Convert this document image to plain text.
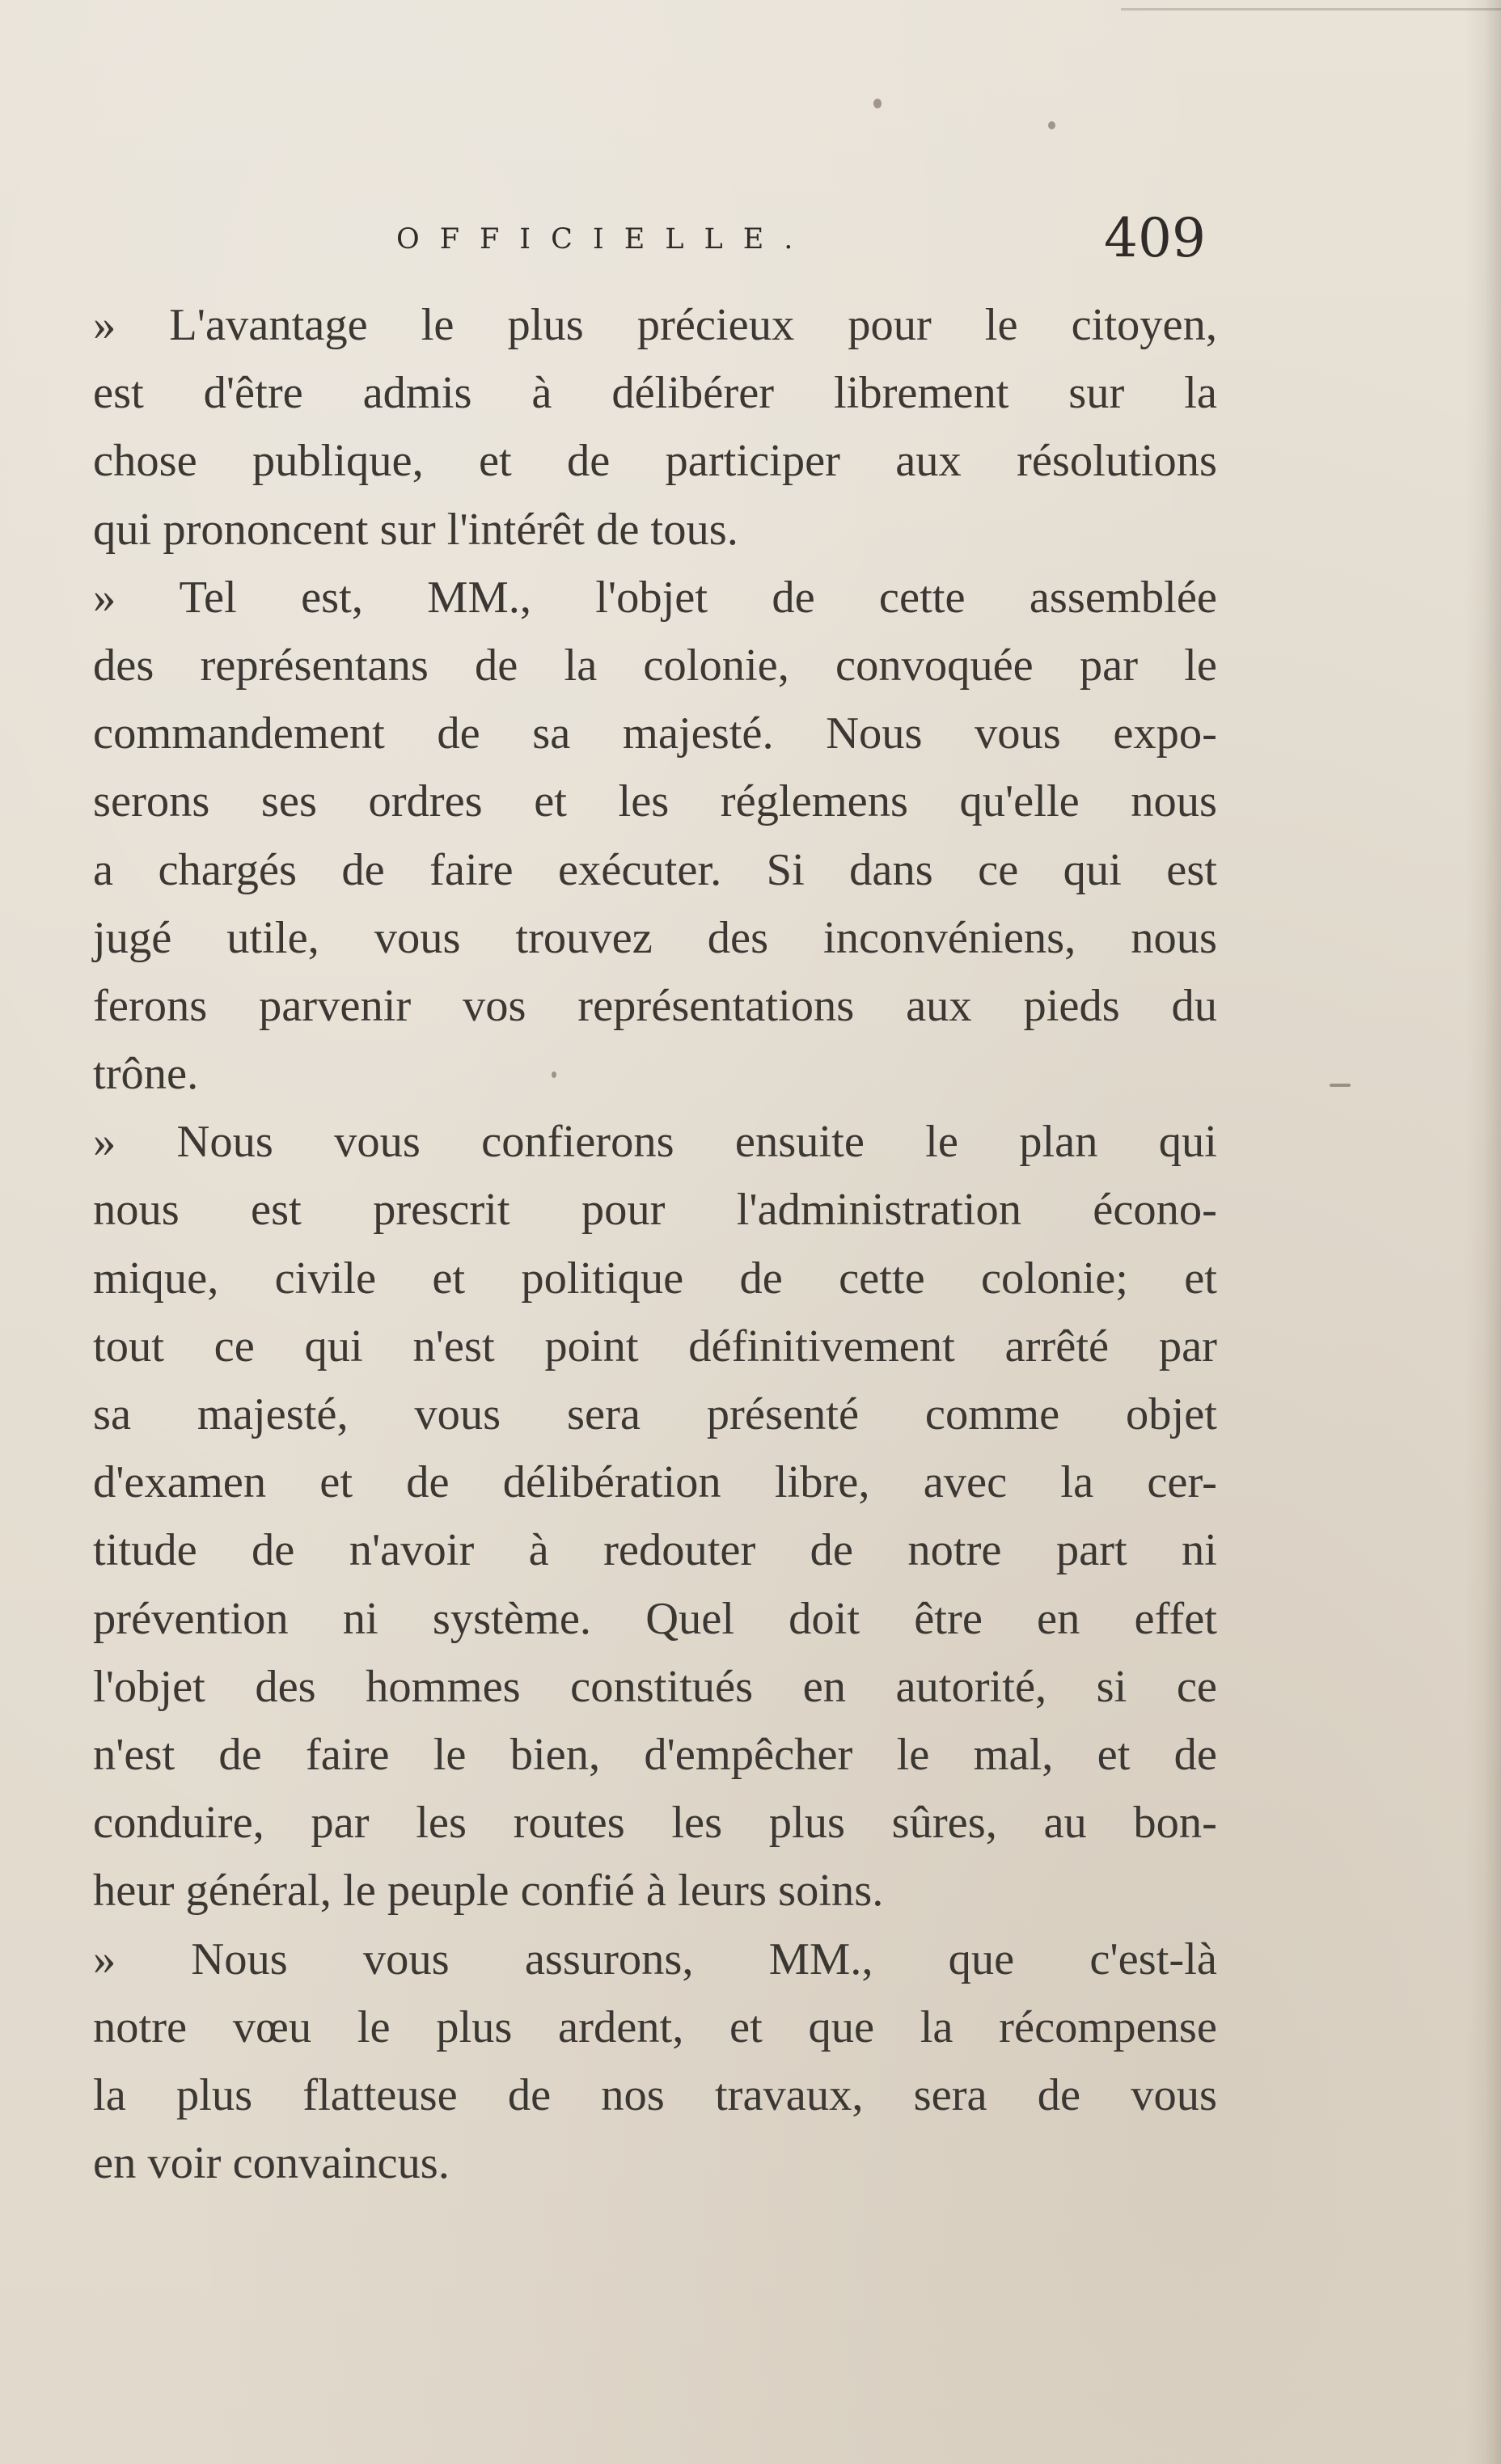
OFFICIELLE.	409
» L'avantage le plus précieux pour le citoyen,
est d'être admis à délibérer librement sur la
chose publique, et de participer aux résolutions
qui prononcent sur l'intérêt de tous.
» Tel est, MM., l'objet de cette assemblée
des représentans de la colonie, convoquée par le
commandement de sa majesté. Nous vous expo-
serons ses ordres et les réglemens qu'elle nous
a chargés de faire exécuter. Si dans ce qui est
jugé utile, vous trouvez des inconvéniens, nous
ferons parvenir vos représentations aux pieds du
trône.
» Nous vous confierons ensuite le plan qui
nous est prescrit pour l'administration écono-
mique, civile et politique de cette colonie; et
tout ce qui n'est point définitivement arrêté par
sa majesté, vous sera présenté comme objet
d'examen et de délibération libre, avec la cer-
titude de n'avoir à redouter de notre part ni
prévention ni système. Quel doit être en effet
l'objet des hommes constitués en autorité, si ce
n'est de faire le bien, d'empêcher le mal, et de
conduire, par les routes les plus sûres, au bon-
heur général, le peuple confié à leurs soins.
» Nous vous assurons, MM., que c'est-là
notre vœu le plus ardent, et que la récompense
la plus flatteuse de nos travaux, sera de vous
en voir convaincus.
